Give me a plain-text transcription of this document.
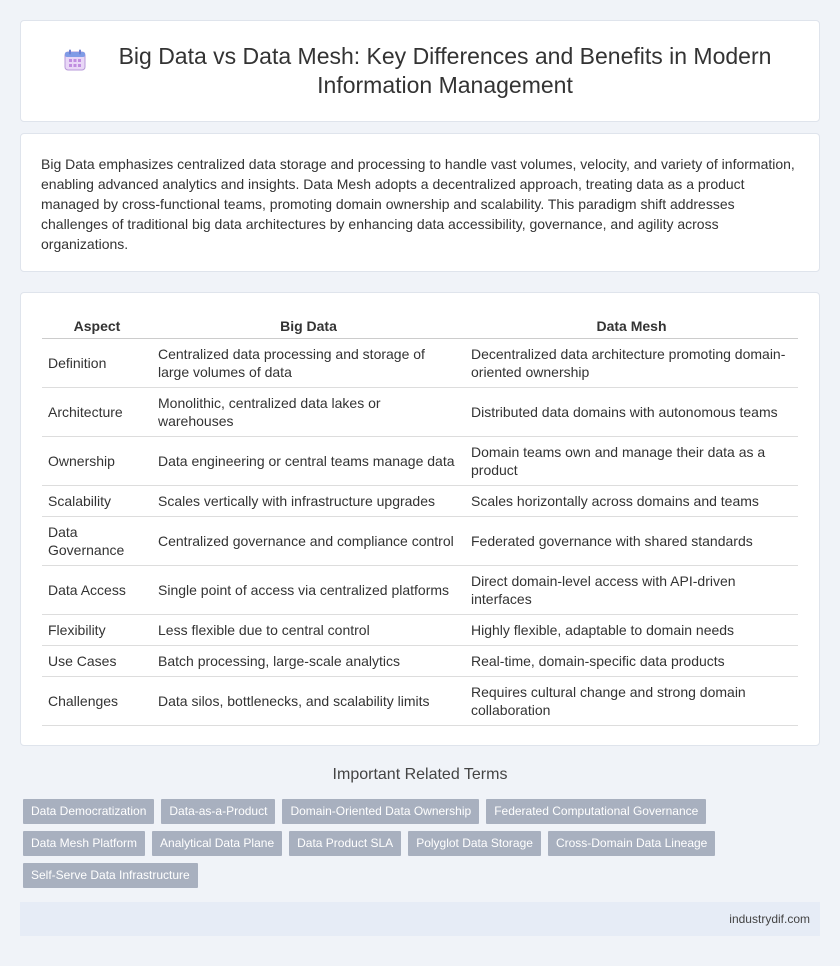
Big Data vs Data Mesh: Key Differences and Benefits in Modern Information Management

Big Data emphasizes centralized data storage and processing to handle vast volumes, velocity, and variety of information, enabling advanced analytics and insights. Data Mesh adopts a decentralized approach, treating data as a product managed by cross-functional teams, promoting domain ownership and scalability. This paradigm shift addresses challenges of traditional big data architectures by enhancing data accessibility, governance, and agility across organizations.

Aspect	Big Data	Data Mesh
Definition	Centralized data processing and storage of large volumes of data	Decentralized data architecture promoting domain-oriented ownership
Architecture	Monolithic, centralized data lakes or warehouses	Distributed data domains with autonomous teams
Ownership	Data engineering or central teams manage data	Domain teams own and manage their data as a product
Scalability	Scales vertically with infrastructure upgrades	Scales horizontally across domains and teams
Data Governance	Centralized governance and compliance control	Federated governance with shared standards
Data Access	Single point of access via centralized platforms	Direct domain-level access with API-driven interfaces
Flexibility	Less flexible due to central control	Highly flexible, adaptable to domain needs
Use Cases	Batch processing, large-scale analytics	Real-time, domain-specific data products
Challenges	Data silos, bottlenecks, and scalability limits	Requires cultural change and strong domain collaboration
Important Related Terms
Data Democratization	Data-as-a-Product	Domain-Oriented Data Ownership	Federated Computational Governance
Data Mesh Platform	Analytical Data Plane	Data Product SLA	Polyglot Data Storage	Cross-Domain Data Lineage
Self-Serve Data Infrastructure
industrydif.com
